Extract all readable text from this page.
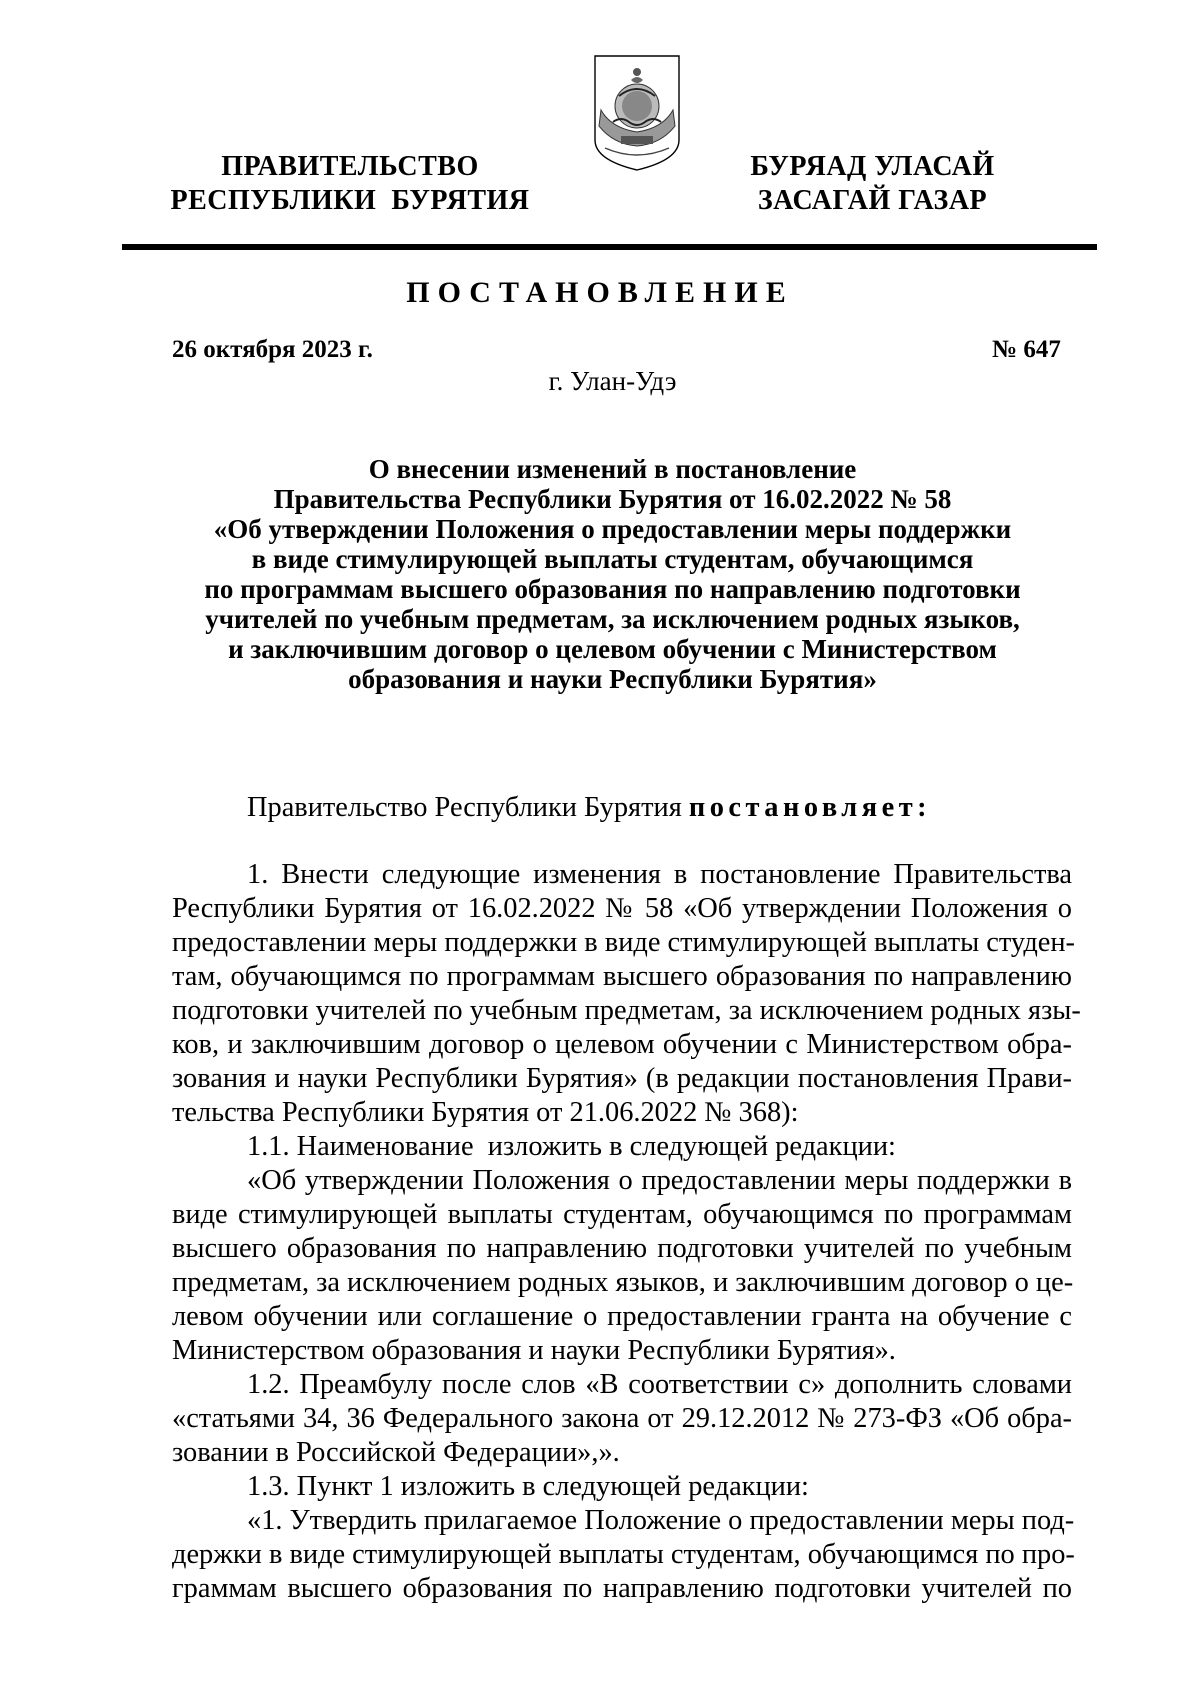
ПРАВИТЕЛЬСТВО
РЕСПУБЛИКИ  БУРЯТИЯ
БУРЯАД УЛАСАЙ
ЗАСАГАЙ ГАЗАР
ПОСТАНОВЛЕНИЕ
26 октября 2023 г.	№ 647
г. Улан-Удэ
О внесении изменений в постановление
Правительства Республики Бурятия от 16.02.2022 № 58
«Об утверждении Положения о предоставлении меры поддержки
в виде стимулирующей выплаты студентам, обучающимся
по программам высшего образования по направлению подготовки
учителей по учебным предметам, за исключением родных языков,
и заключившим договор о целевом обучении с Министерством
образования и науки Республики Бурятия»
Правительство Республики Бурятия постановляет:
1. Внести следующие изменения в постановление Правительства
Республики Бурятия от 16.02.2022 № 58 «Об утверждении Положения о
предоставлении меры поддержки в виде стимулирующей выплаты студен-
там, обучающимся по программам высшего образования по направлению
подготовки учителей по учебным предметам, за исключением родных язы-
ков, и заключившим договор о целевом обучении с Министерством обра-
зования и науки Республики Бурятия» (в редакции постановления Прави-
тельства Республики Бурятия от 21.06.2022 № 368):
1.1. Наименование  изложить в следующей редакции:
«Об утверждении Положения о предоставлении меры поддержки в
виде стимулирующей выплаты студентам, обучающимся по программам
высшего образования по направлению подготовки учителей по учебным
предметам, за исключением родных языков, и заключившим договор о це-
левом обучении или соглашение о предоставлении гранта на обучение с
Министерством образования и науки Республики Бурятия».
1.2. Преамбулу после слов «В соответствии с» дополнить словами
«статьями 34, 36 Федерального закона от 29.12.2012 № 273-ФЗ «Об обра-
зовании в Российской Федерации»,».
1.3. Пункт 1 изложить в следующей редакции:
«1. Утвердить прилагаемое Положение о предоставлении меры под-
держки в виде стимулирующей выплаты студентам, обучающимся по про-
граммам высшего образования по направлению подготовки учителей по
